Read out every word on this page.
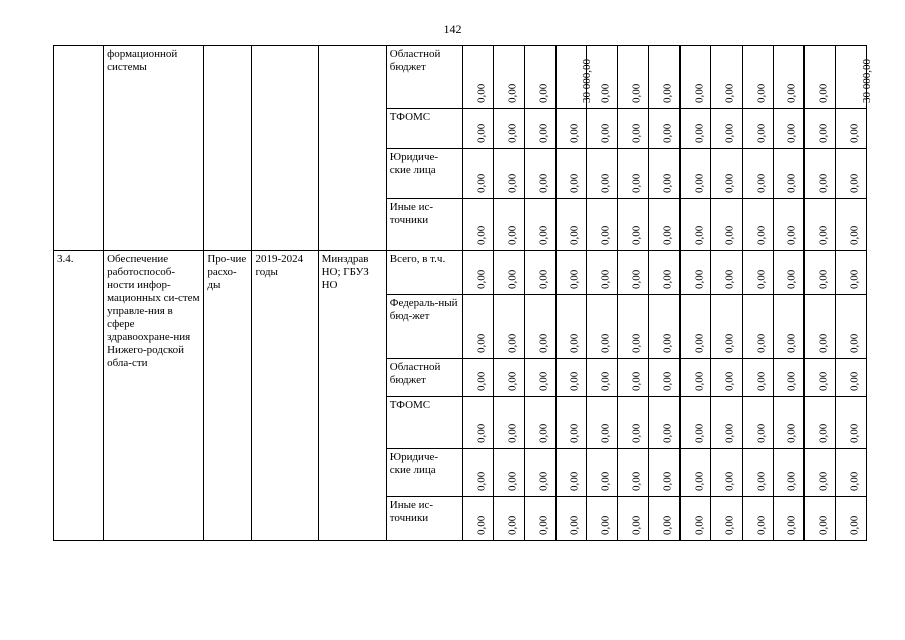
142
	формационной системы				Областной бюджет	0,00	0,00	0,00	30 000,00	0,00	0,00	0,00	0,00	0,00	0,00	0,00	0,00	30 000,00

					ТФОМС	0,00	0,00	0,00	0,00	0,00	0,00	0,00	0,00	0,00	0,00	0,00	0,00	0,00

					Юридиче-ские лица	0,00	0,00	0,00	0,00	0,00	0,00	0,00	0,00	0,00	0,00	0,00	0,00	0,00

					Иные ис-точники	0,00	0,00	0,00	0,00	0,00	0,00	0,00	0,00	0,00	0,00	0,00	0,00	0,00

3.4.	Обеспечение работоспособ-ности инфор-мационных си-стем управле-ния в сфере здравоохране-ния Нижего-родской обла-сти	Про-чие расхо-ды	2019-2024 годы	Минздрав НО; ГБУЗ НО	Всего, в т.ч.	0,00	0,00	0,00	0,00	0,00	0,00	0,00	0,00	0,00	0,00	0,00	0,00	0,00

					Федераль-ный бюд-жет	0,00	0,00	0,00	0,00	0,00	0,00	0,00	0,00	0,00	0,00	0,00	0,00	0,00

					Областной бюджет	0,00	0,00	0,00	0,00	0,00	0,00	0,00	0,00	0,00	0,00	0,00	0,00	0,00

					ТФОМС	0,00	0,00	0,00	0,00	0,00	0,00	0,00	0,00	0,00	0,00	0,00	0,00	0,00

					Юридиче-ские лица	0,00	0,00	0,00	0,00	0,00	0,00	0,00	0,00	0,00	0,00	0,00	0,00	0,00

					Иные ис-точники	0,00	0,00	0,00	0,00	0,00	0,00	0,00	0,00	0,00	0,00	0,00	0,00	0,00
